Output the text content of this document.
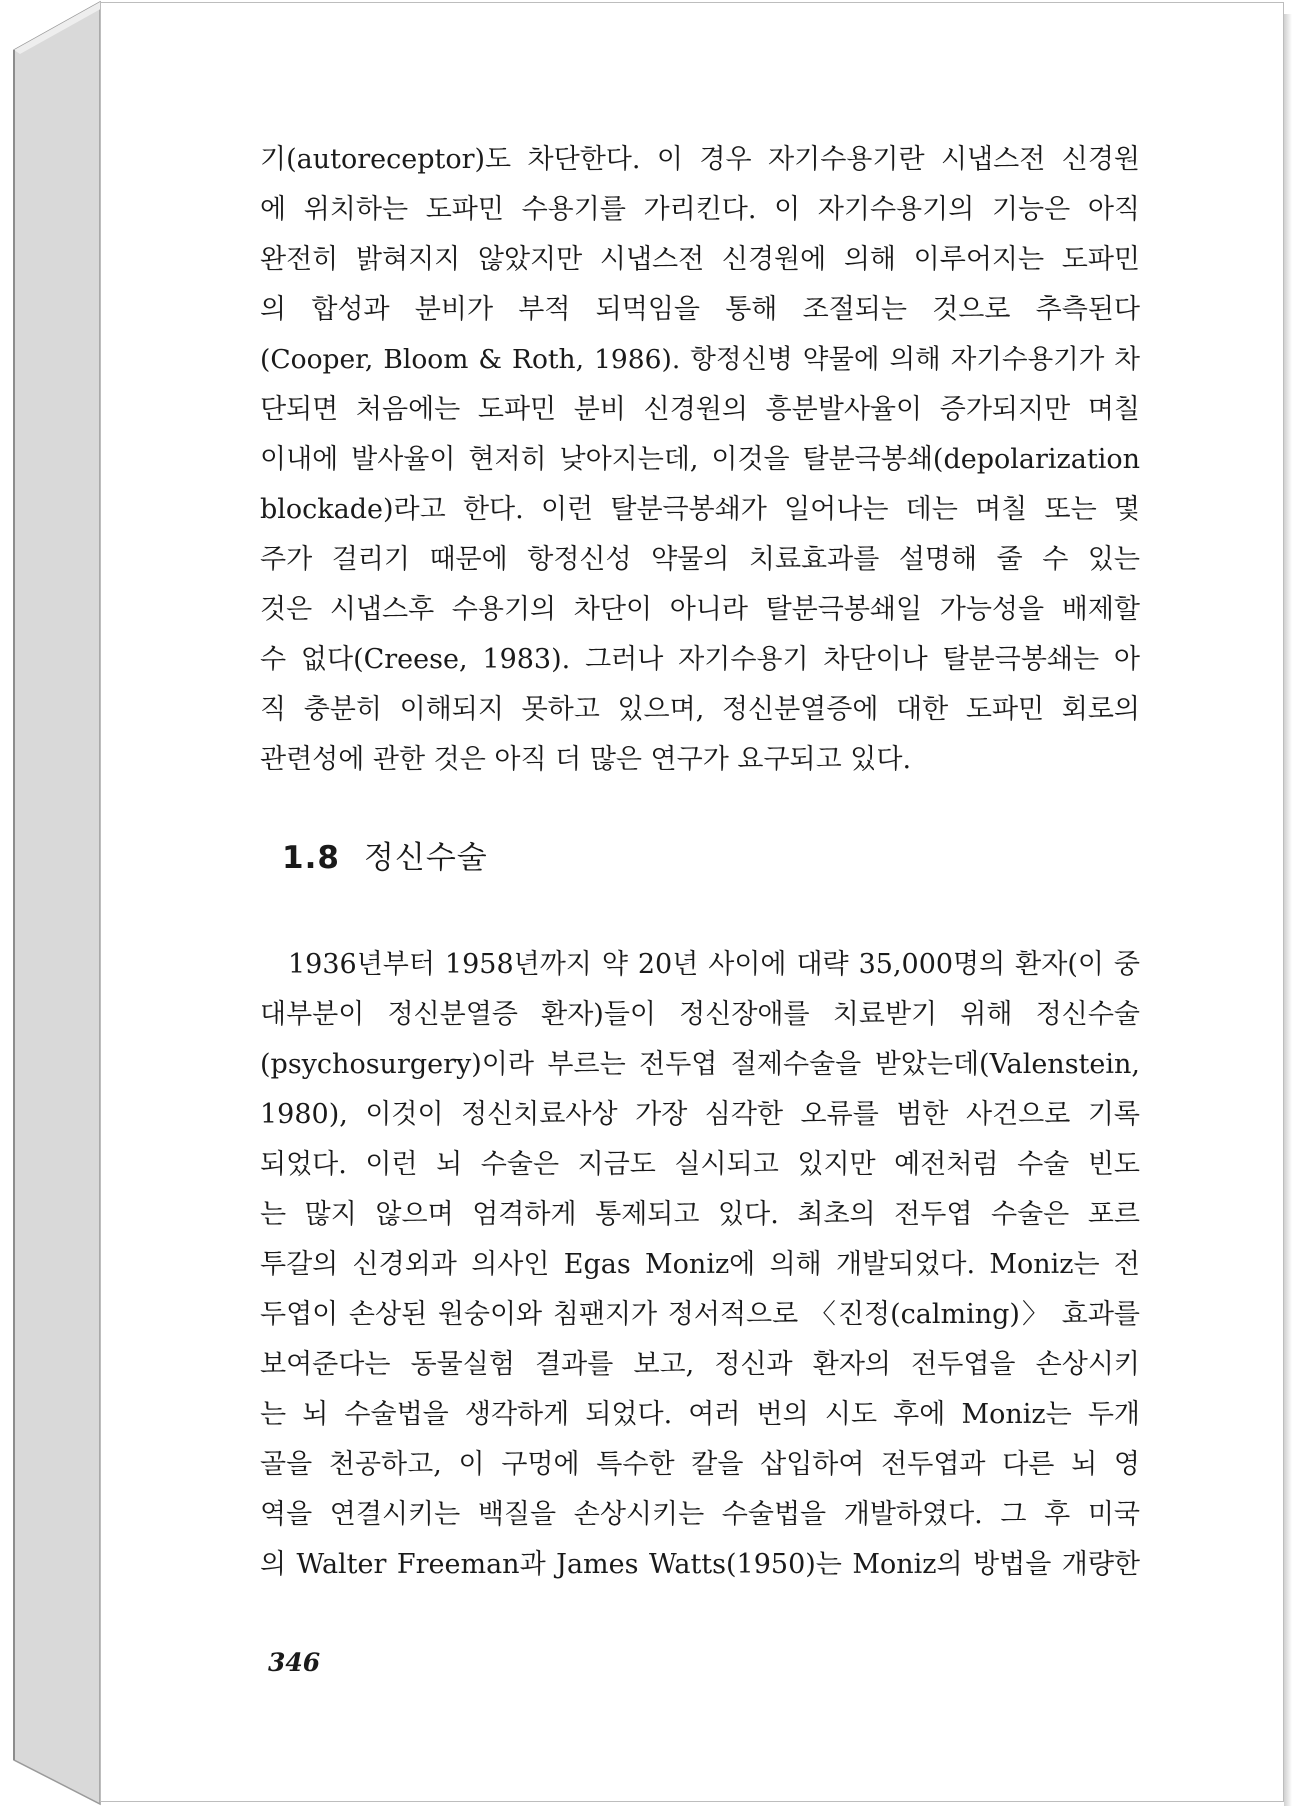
기(autoreceptor)도 차단한다. 이 경우 자기수용기란 시냅스전 신경원
에 위치하는 도파민 수용기를 가리킨다. 이 자기수용기의 기능은 아직
완전히 밝혀지지 않았지만 시냅스전 신경원에 의해 이루어지는 도파민
의 합성과 분비가 부적 되먹임을 통해 조절되는 것으로 추측된다
(Cooper, Bloom & Roth, 1986). 항정신병 약물에 의해 자기수용기가 차
단되면 처음에는 도파민 분비 신경원의 흥분발사율이 증가되지만 며칠
이내에 발사율이 현저히 낮아지는데, 이것을 탈분극봉쇄(depolarization
blockade)라고 한다. 이런 탈분극봉쇄가 일어나는 데는 며칠 또는 몇
주가 걸리기 때문에 항정신성 약물의 치료효과를 설명해 줄 수 있는
것은 시냅스후 수용기의 차단이 아니라 탈분극봉쇄일 가능성을 배제할
수 없다(Creese, 1983). 그러나 자기수용기 차단이나 탈분극봉쇄는 아
직 충분히 이해되지 못하고 있으며, 정신분열증에 대한 도파민 회로의
관련성에 관한 것은 아직 더 많은 연구가 요구되고 있다.
1.8 정신수술
1936년부터 1958년까지 약 20년 사이에 대략 35,000명의 환자(이 중
대부분이 정신분열증 환자)들이 정신장애를 치료받기 위해 정신수술
(psychosurgery)이라 부르는 전두엽 절제수술을 받았는데(Valenstein,
1980), 이것이 정신치료사상 가장 심각한 오류를 범한 사건으로 기록
되었다. 이런 뇌 수술은 지금도 실시되고 있지만 예전처럼 수술 빈도
는 많지 않으며 엄격하게 통제되고 있다. 최초의 전두엽 수술은 포르
투갈의 신경외과 의사인 Egas Moniz에 의해 개발되었다. Moniz는 전
두엽이 손상된 원숭이와 침팬지가 정서적으로 〈진정(calming)〉 효과를
보여준다는 동물실험 결과를 보고, 정신과 환자의 전두엽을 손상시키
는 뇌 수술법을 생각하게 되었다. 여러 번의 시도 후에 Moniz는 두개
골을 천공하고, 이 구멍에 특수한 칼을 삽입하여 전두엽과 다른 뇌 영
역을 연결시키는 백질을 손상시키는 수술법을 개발하였다. 그 후 미국
의 Walter Freeman과 James Watts(1950)는 Moniz의 방법을 개량한
346
